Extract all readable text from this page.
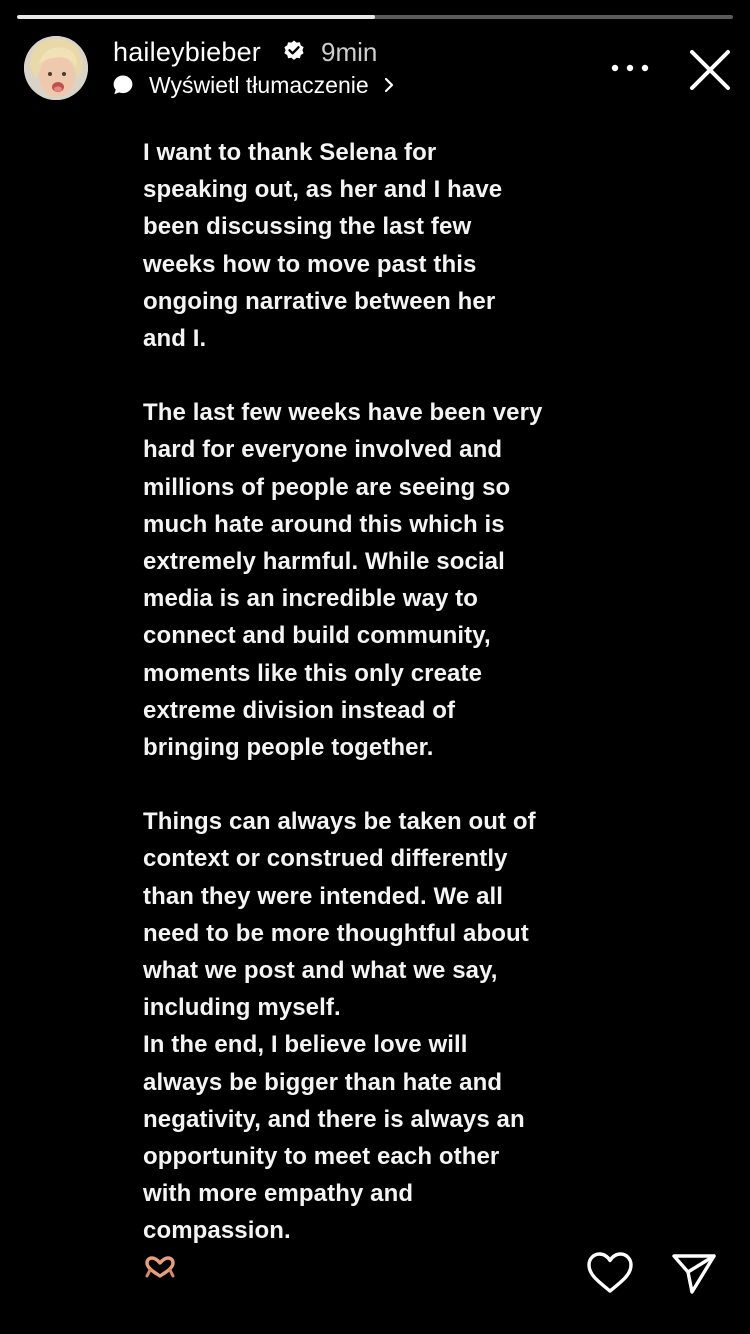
haileybieber 9min
Wyświetl tłumaczenie

I want to thank Selena for
speaking out, as her and I have
been discussing the last few
weeks how to move past this
ongoing narrative between her
and I.

The last few weeks have been very
hard for everyone involved and
millions of people are seeing so
much hate around this which is
extremely harmful. While social
media is an incredible way to
connect and build community,
moments like this only create
extreme division instead of
bringing people together.

Things can always be taken out of
context or construed differently
than they were intended. We all
need to be more thoughtful about
what we post and what we say,
including myself.
In the end, I believe love will
always be bigger than hate and
negativity, and there is always an
opportunity to meet each other
with more empathy and
compassion.
